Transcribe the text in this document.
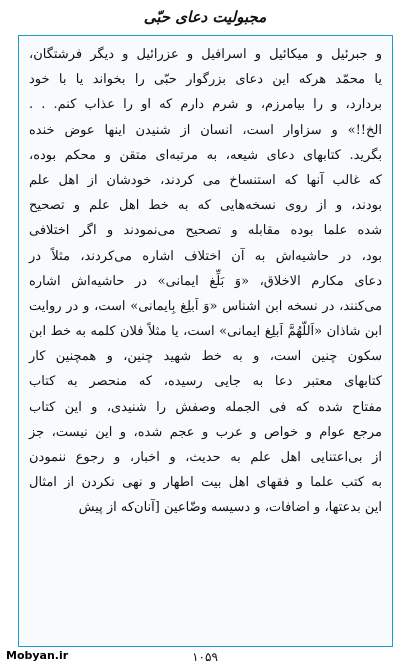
مجبولیت دعای حبّی
و جبرئیل و میکائیل و اسرافیل و عزرائیل و دیگر فرشتگان،
یا محمّد هرکه این دعای بزرگوار حبّی را بخواند یا با خود
بردارد، و را بیامرزم، و شرم دارم که او را عذاب کنم. . .
الخ!!» و سزاوار است، انسان از شنیدن اینها عوض خنده
بگرید. کتابهای دعای شیعه، به مرتبه‌ای متقن و محکم بوده،
که غالب آنها که استنساخ می کردند، خودشان از اهل علم
بودند، و از روی نسخه‌هایی که به خط اهل علم و تصحیح
شده علما بوده مقابله و تصحیح می‌نمودند و اگر اختلافی
بود، در حاشیه‌اش به آن اختلاف اشاره می‌کردند، مثلاً در
دعای مکارم الاخلاق، «وَ بَلِّغ ایمانی» در حاشیه‌اش اشاره
می‌کنند، در نسخه ابن اشناس «وَ اَبلِغ بِایمانی» است، و در روایت
ابن شاذان «اَللّهُمَّ اَبلِغ ایمانی» است، یا مثلاً فلان کلمه به خط ابن
سکون چنین است، و به خط شهید چنین، و همچنین کار
کتابهای معتبر دعا به جایی رسیده، که منحصر به کتاب
مفتاح شده که فی الجمله وصفش را شنیدی، و این کتاب
مرجع عوام و خواص و عرب و عجم شده، و این نیست، جز
از بی‌اعتنایی اهل علم به حدیث، و اخبار، و رجوع ننمودن
به کتب علما و فقهای اهل بیت اطهار و نهی نکردن از امثال
این بدعتها، و اضافات، و دسیسه وضّاعین [آنان‌که از پیش
Mobyan.ir	۱۰۵۹
